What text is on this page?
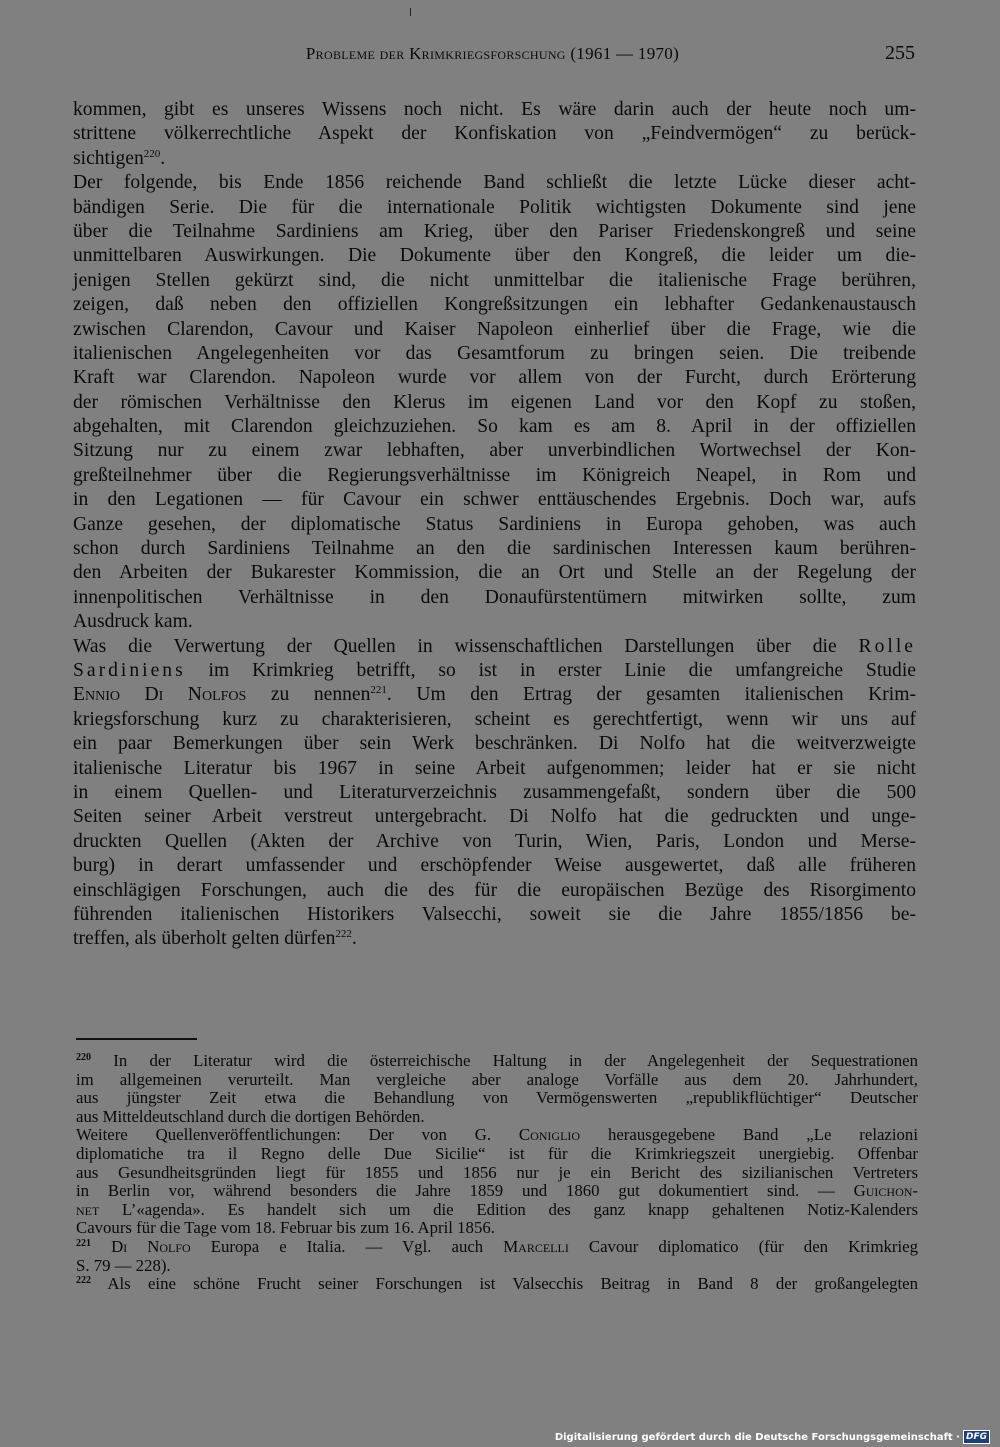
Probleme der Krimkriegsforschung (1961 — 1970)	255
kommen, gibt es unseres Wissens noch nicht. Es wäre darin auch der heute noch um-
strittene völkerrechtliche Aspekt der Konfiskation von „Feindvermögen“ zu berück-
sichtigen$^{220}$.
Der folgende, bis Ende 1856 reichende Band schließt die letzte Lücke dieser acht-
bändigen Serie. Die für die internationale Politik wichtigsten Dokumente sind jene
über die Teilnahme Sardiniens am Krieg, über den Pariser Friedenskongreß und seine
unmittelbaren Auswirkungen. Die Dokumente über den Kongreß, die leider um die-
jenigen Stellen gekürzt sind, die nicht unmittelbar die italienische Frage berühren,
zeigen, daß neben den offiziellen Kongreßsitzungen ein lebhafter Gedankenaustausch
zwischen Clarendon, Cavour und Kaiser Napoleon einherlief über die Frage, wie die
italienischen Angelegenheiten vor das Gesamtforum zu bringen seien. Die treibende
Kraft war Clarendon. Napoleon wurde vor allem von der Furcht, durch Erörterung
der römischen Verhältnisse den Klerus im eigenen Land vor den Kopf zu stoßen,
abgehalten, mit Clarendon gleichzuziehen. So kam es am 8. April in der offiziellen
Sitzung nur zu einem zwar lebhaften, aber unverbindlichen Wortwechsel der Kon-
greßteilnehmer über die Regierungsverhältnisse im Königreich Neapel, in Rom und
in den Legationen — für Cavour ein schwer enttäuschendes Ergebnis. Doch war, aufs
Ganze gesehen, der diplomatische Status Sardiniens in Europa gehoben, was auch
schon durch Sardiniens Teilnahme an den die sardinischen Interessen kaum berühren-
den Arbeiten der Bukarester Kommission, die an Ort und Stelle an der Regelung der
innenpolitischen Verhältnisse in den Donaufürstentümern mitwirken sollte, zum
Ausdruck kam.
Was die Verwertung der Quellen in wissenschaftlichen Darstellungen über die Rolle
Sardiniens im Krimkrieg betrifft, so ist in erster Linie die umfangreiche Studie
Ennio Di Nolfos zu nennen$^{221}$. Um den Ertrag der gesamten italienischen Krim-
kriegsforschung kurz zu charakterisieren, scheint es gerechtfertigt, wenn wir uns auf
ein paar Bemerkungen über sein Werk beschränken. Di Nolfo hat die weitverzweigte
italienische Literatur bis 1967 in seine Arbeit aufgenommen; leider hat er sie nicht
in einem Quellen- und Literaturverzeichnis zusammengefaßt, sondern über die 500
Seiten seiner Arbeit verstreut untergebracht. Di Nolfo hat die gedruckten und unge-
druckten Quellen (Akten der Archive von Turin, Wien, Paris, London und Merse-
burg) in derart umfassender und erschöpfender Weise ausgewertet, daß alle früheren
einschlägigen Forschungen, auch die des für die europäischen Bezüge des Risorgimento
führenden italienischen Historikers Valsecchi, soweit sie die Jahre 1855/1856 be-
treffen, als überholt gelten dürfen$^{222}$.
$^{220}$ In der Literatur wird die österreichische Haltung in der Angelegenheit der Sequestrationen
im allgemeinen verurteilt. Man vergleiche aber analoge Vorfälle aus dem 20. Jahrhundert,
aus jüngster Zeit etwa die Behandlung von Vermögenswerten „republikflüchtiger“ Deutscher
aus Mitteldeutschland durch die dortigen Behörden.
Weitere Quellenveröffentlichungen: Der von G. Coniglio herausgegebene Band „Le relazioni
diplomatiche tra il Regno delle Due Sicilie“ ist für die Krimkriegszeit unergiebig. Offenbar
aus Gesundheitsgründen liegt für 1855 und 1856 nur je ein Bericht des sizilianischen Vertreters
in Berlin vor, während besonders die Jahre 1859 und 1860 gut dokumentiert sind. — Guichon-
net L’«agenda». Es handelt sich um die Edition des ganz knapp gehaltenen Notiz-Kalenders
Cavours für die Tage vom 18. Februar bis zum 16. April 1856.
$^{221}$ Di Nolfo Europa e Italia. — Vgl. auch Marcelli Cavour diplomatico (für den Krimkrieg
S. 79 — 228).
$^{222}$ Als eine schöne Frucht seiner Forschungen ist Valsecchis Beitrag in Band 8 der großangelegten
Digitalisierung gefördert durch die Deutsche Forschungsgemeinschaft · DFG
